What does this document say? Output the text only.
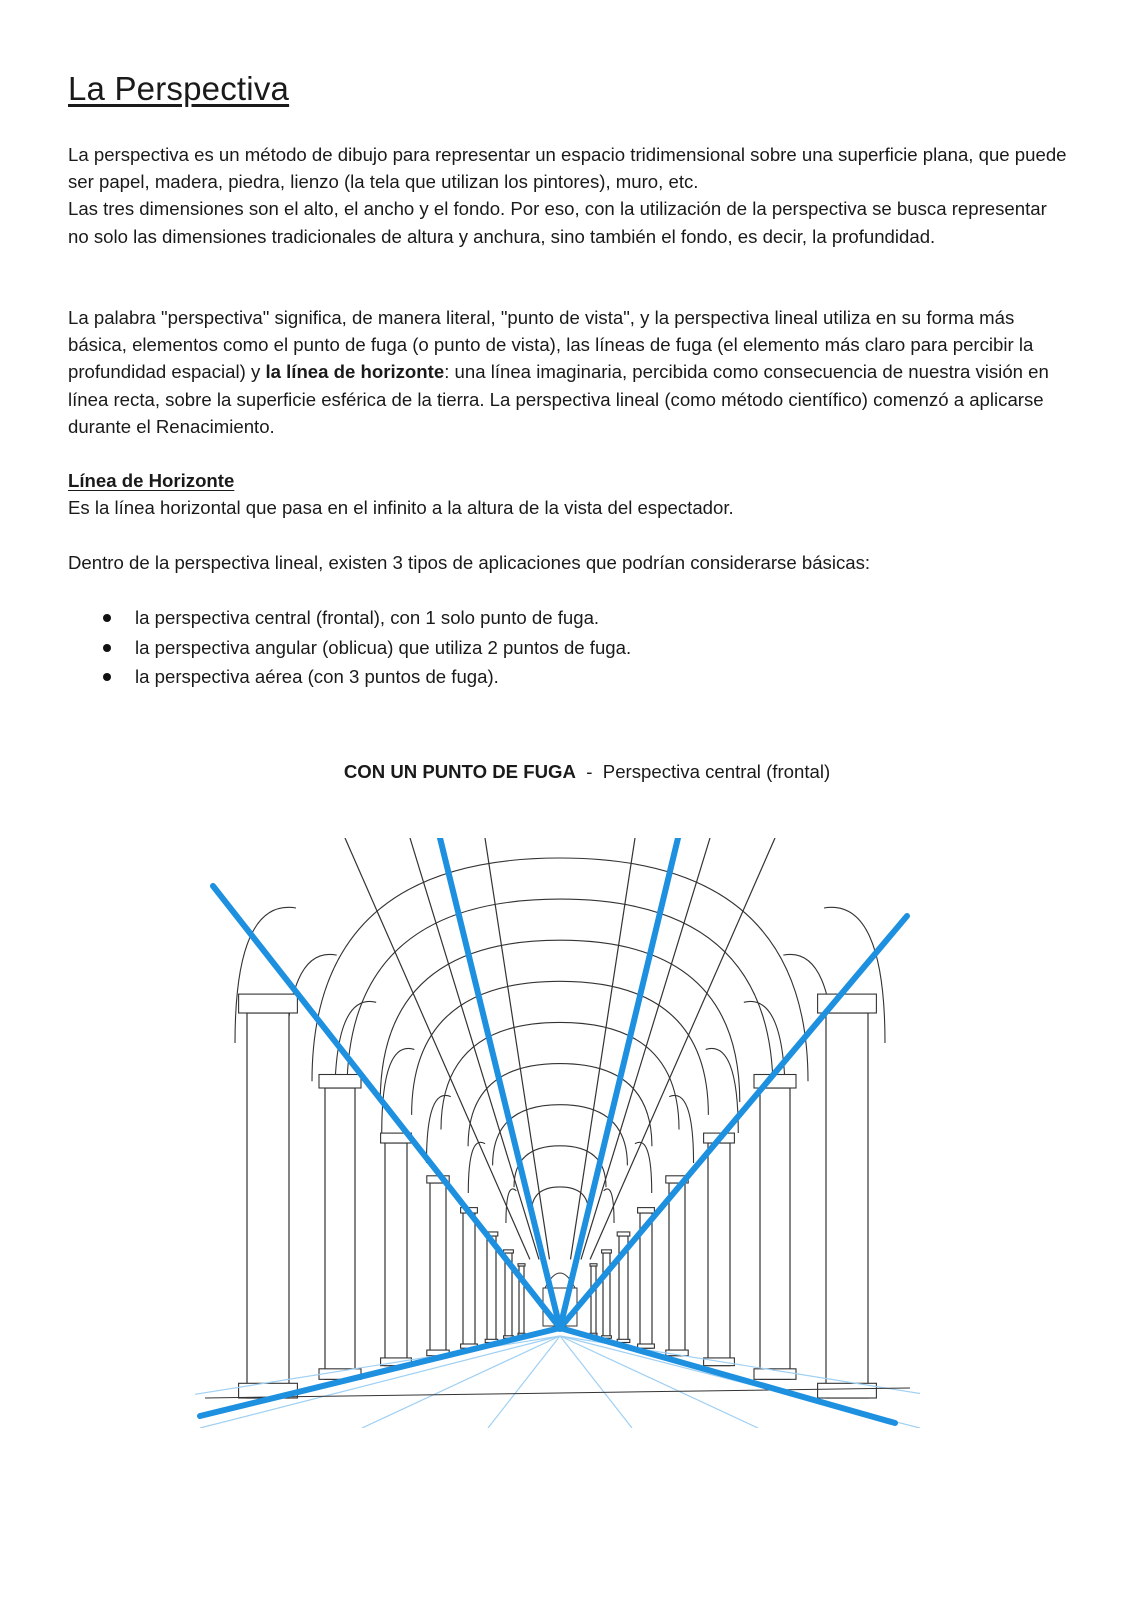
La Perspectiva
La perspectiva es un método de dibujo para representar un espacio tridimensional sobre una superficie plana, que puede ser papel, madera, piedra, lienzo (la tela que utilizan los pintores), muro, etc.
Las tres dimensiones son el alto, el ancho y el fondo. Por eso, con la utilización de la perspectiva se busca representar no solo las dimensiones tradicionales de altura y anchura, sino también el fondo, es decir, la profundidad.
La palabra "perspectiva" significa, de manera literal, "punto de vista", y la perspectiva lineal utiliza en su forma más básica, elementos como el punto de fuga (o punto de vista), las líneas de fuga (el elemento más claro para percibir la profundidad espacial) y la línea de horizonte: una línea imaginaria, percibida como consecuencia de nuestra visión en línea recta, sobre la superficie esférica de la tierra. La perspectiva lineal (como método científico) comenzó a aplicarse durante el Renacimiento.
Línea de Horizonte
Es la línea horizontal que pasa en el infinito a la altura de la vista del espectador.
Dentro de la perspectiva lineal, existen 3 tipos de aplicaciones que podrían considerarse básicas:
la perspectiva central (frontal), con 1 solo punto de fuga.
la perspectiva angular (oblicua) que utiliza 2 puntos de fuga.
la perspectiva aérea (con 3 puntos de fuga).
CON UN PUNTO DE FUGA  -  Perspectiva central (frontal)
